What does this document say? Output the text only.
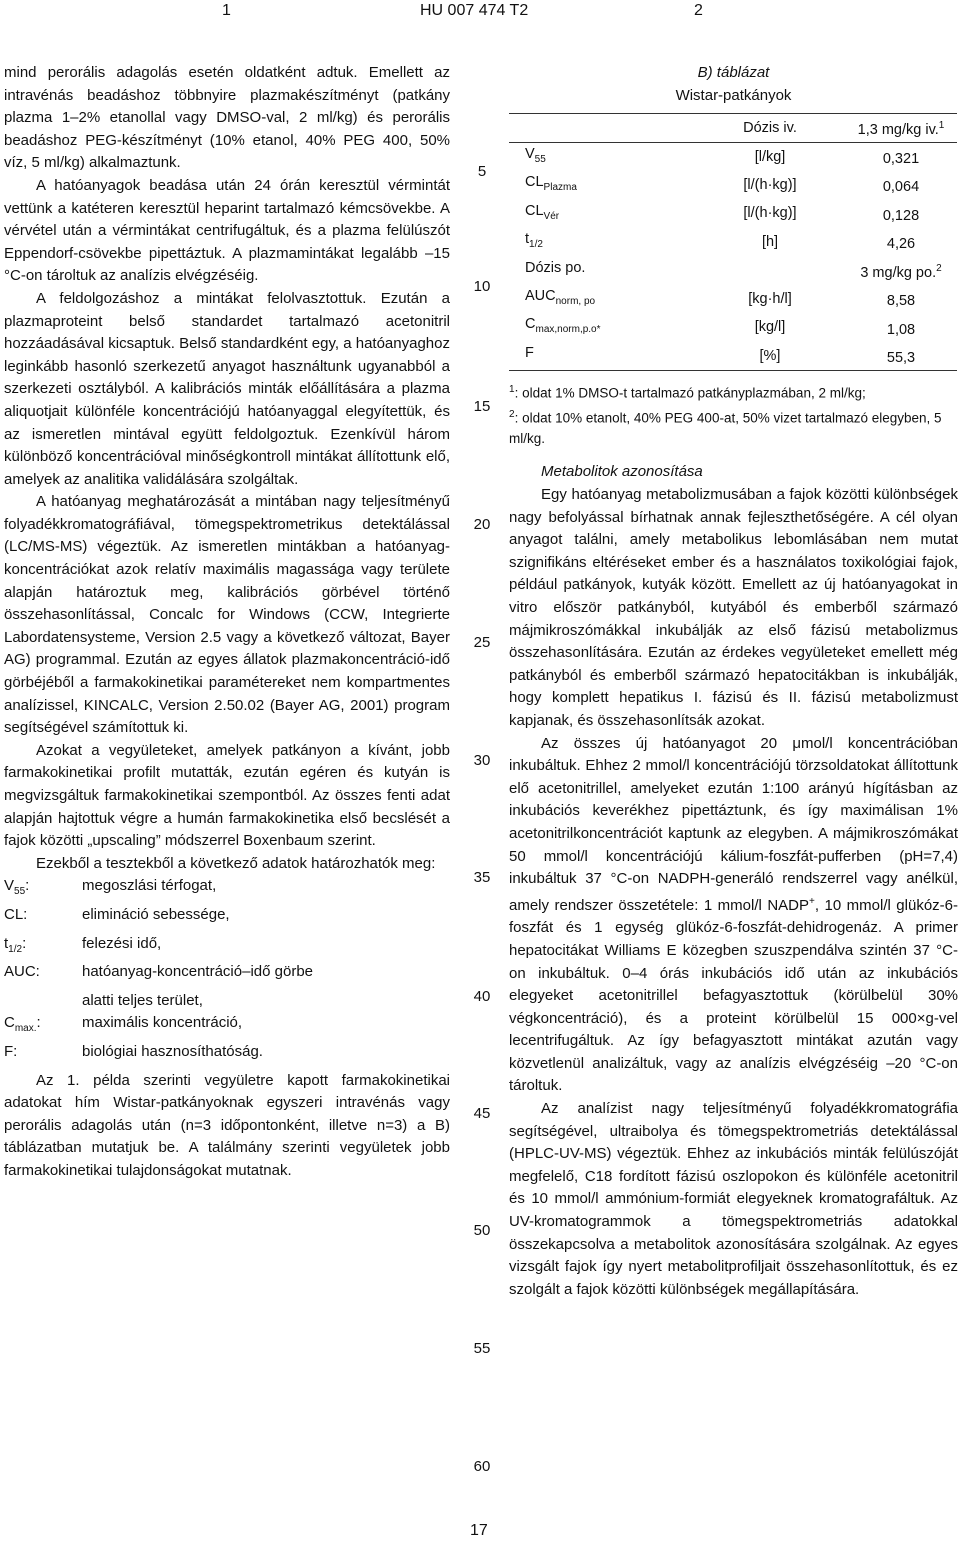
1	HU 007 474 T2	2

mind perorális adagolás esetén oldatként adtuk. Emellett az intravénás beadáshoz többnyire plazmakészítményt (patkány plazma 1–2% etanollal vagy DMSO-val, 2 ml/kg) és perorális beadáshoz PEG-készítményt (10% etanol, 40% PEG 400, 50% víz, 5 ml/kg) alkalmaztunk.

A hatóanyagok beadása után 24 órán keresztül vérmintát vettünk a katéteren keresztül heparint tartalmazó kémcsövekbe. A vérvétel után a vérmintákat centrifugáltuk, és a plazma felülúszót Eppendorf-csövekbe pipettáztuk. A plazmamintákat legalább –15 °C-on tároltuk az analízis elvégzéséig.

A feldolgozáshoz a mintákat felolvasztottuk. Ezután a plazmaproteint belső standardet tartalmazó acetonitril hozzáadásával kicsaptuk. Belső standardként egy, a hatóanyaghoz leginkább hasonló szerkezetű anyagot használtunk ugyanabból a szerkezeti osztályból. A kalibrációs minták előállítására a plazma aliquotjait különféle koncentrációjú hatóanyaggal elegyítettük, és az ismeretlen mintával együtt feldolgoztuk. Ezenkívül három különböző koncentrációval minőségkontroll mintákat állítottunk elő, amelyek az analitika validálására szolgáltak.

A hatóanyag meghatározását a mintában nagy teljesítményű folyadékkromatográfiával, tömegspektrometrikus detektálással (LC/MS-MS) végeztük. Az ismeretlen mintákban a hatóanyag-koncentrációkat azok relatív maximális magassága vagy területe alapján határoztuk meg, kalibrációs görbével történő összehasonlítással, Concalc for Windows (CCW, Integrierte Labordatensysteme, Version 2.5 vagy a következő változat, Bayer AG) programmal. Ezután az egyes állatok plazmakoncentráció-idő görbéjéből a farmakokinetikai paramétereket nem kompartmentes analízissel, KINCALC, Version 2.50.02 (Bayer AG, 2001) program segítségével számítottuk ki.

Azokat a vegyületeket, amelyek patkányon a kívánt, jobb farmakokinetikai profilt mutatták, ezután egéren és kutyán is megvizsgáltuk farmakokinetikai szempontból. Az összes fenti adat alapján hajtottuk végre a humán farmakokinetika első becslését a fajok közötti „upscaling” módszerrel Boxenbaum szerint.

Ezekből a tesztekből a következő adatok határozhatók meg:

$V_{55}$:	megoszlási térfogat,
CL:	elimináció sebessége,
$t_{1/2}$:	felezési idő,
AUC:	hatóanyag-koncentráció–idő görbe
alatti teljes terület,
$C_{max.}$:	maximális koncentráció,
F:	biológiai hasznosíthatóság.

Az 1. példa szerinti vegyületre kapott farmakokinetikai adatokat hím Wistar-patkányoknak egyszeri intravénás vagy perorális adagolás után (n=3 időpontonként, illetve n=3) a B) táblázatban mutatjuk be. A találmány szerinti vegyületek jobb farmakokinetikai tulajdonságokat mutatnak.

5
10
15
20
25
30
35
40
45
50
55
60
B) táblázat
Wistar-patkányok
	Dózis iv.	1,3 mg/kg iv.$^1$
$V_{55}$	[l/kg]	0,321
$CL_{Plazma}$	[l/(h·kg)]	0,064
$CL_{Vér}$	[l/(h·kg)]	0,128
$t_{1/2}$	[h]	4,26
Dózis po.		3 mg/kg po.$^2$
$AUC_{norm, po}$	[kg·h/l]	8,58
$C_{max,norm,p.o*}$	[kg/l]	1,08
F	[%]	55,3
$^1$: oldat 1% DMSO-t tartalmazó patkányplazmában, 2 ml/kg;
$^2$: oldat 10% etanolt, 40% PEG 400-at, 50% vizet tartalmazó elegyben, 5 ml/kg.

Metabolitok azonosítása

Egy hatóanyag metabolizmusában a fajok közötti különbségek nagy befolyással bírhatnak annak fejleszthetőségére. A cél olyan anyagot találni, amely metabolikus lebomlásában nem mutat szignifikáns eltéréseket ember és a használatos toxikológiai fajok, például patkányok, kutyák között. Emellett az új hatóanyagokat in vitro először patkányból, kutyából és emberből származó májmikroszómákkal inkubálják az első fázisú metabolizmus összehasonlítására. Ezután az érdekes vegyületeket emellett még patkányból és emberből származó hepatocitákban is inkubálják, hogy komplett hepatikus I. fázisú és II. fázisú metabolizmust kapjanak, és összehasonlítsák azokat.

Az összes új hatóanyagot 20 μmol/l koncentrációban inkubáltuk. Ehhez 2 mmol/l koncentrációjú törzsoldatokat állítottunk elő acetonitrillel, amelyeket ezután 1:100 arányú hígításban az inkubációs keverékhez pipettáztunk, és így maximálisan 1% acetonitrilkoncentrációt kaptunk az elegyben. A májmikroszómákat 50 mmol/l koncentrációjú kálium-foszfát-pufferben (pH=7,4) inkubáltuk 37 °C-on NADPH-generáló rendszerrel vagy anélkül, amely rendszer összetétele: 1 mmol/l NADP+, 10 mmol/l glükóz-6-foszfát és 1 egység glükóz-6-foszfát-dehidrogenáz. A primer hepatocitákat Williams E közegben szuszpendálva szintén 37 °C-on inkubáltuk. 0–4 órás inkubációs idő után az inkubációs elegyeket acetonitrillel befagyasztottuk (körülbelül 30% végkoncentráció), és a proteint körülbelül 15 000×g-vel lecentrifugáltuk. Az így befagyasztott mintákat azután vagy közvetlenül analizáltuk, vagy az analízis elvégzéséig –20 °C-on tároltuk.

Az analízist nagy teljesítményű folyadékkromatográfia segítségével, ultraibolya és tömegspektrometriás detektálással (HPLC-UV-MS) végeztük. Ehhez az inkubációs minták felülúszóját megfelelő, C18 fordított fázisú oszlopokon és különféle acetonitril és 10 mmol/l ammónium-formiát elegyeknek kromatografáltuk. Az UV-kromatogrammok a tömegspektrometriás adatokkal összekapcsolva a metabolitok azonosítására szolgálnak. Az egyes vizsgált fajok így nyert metabolitprofiljait összehasonlítottuk, és ez szolgált a fajok közötti különbségek megállapítására.

17
